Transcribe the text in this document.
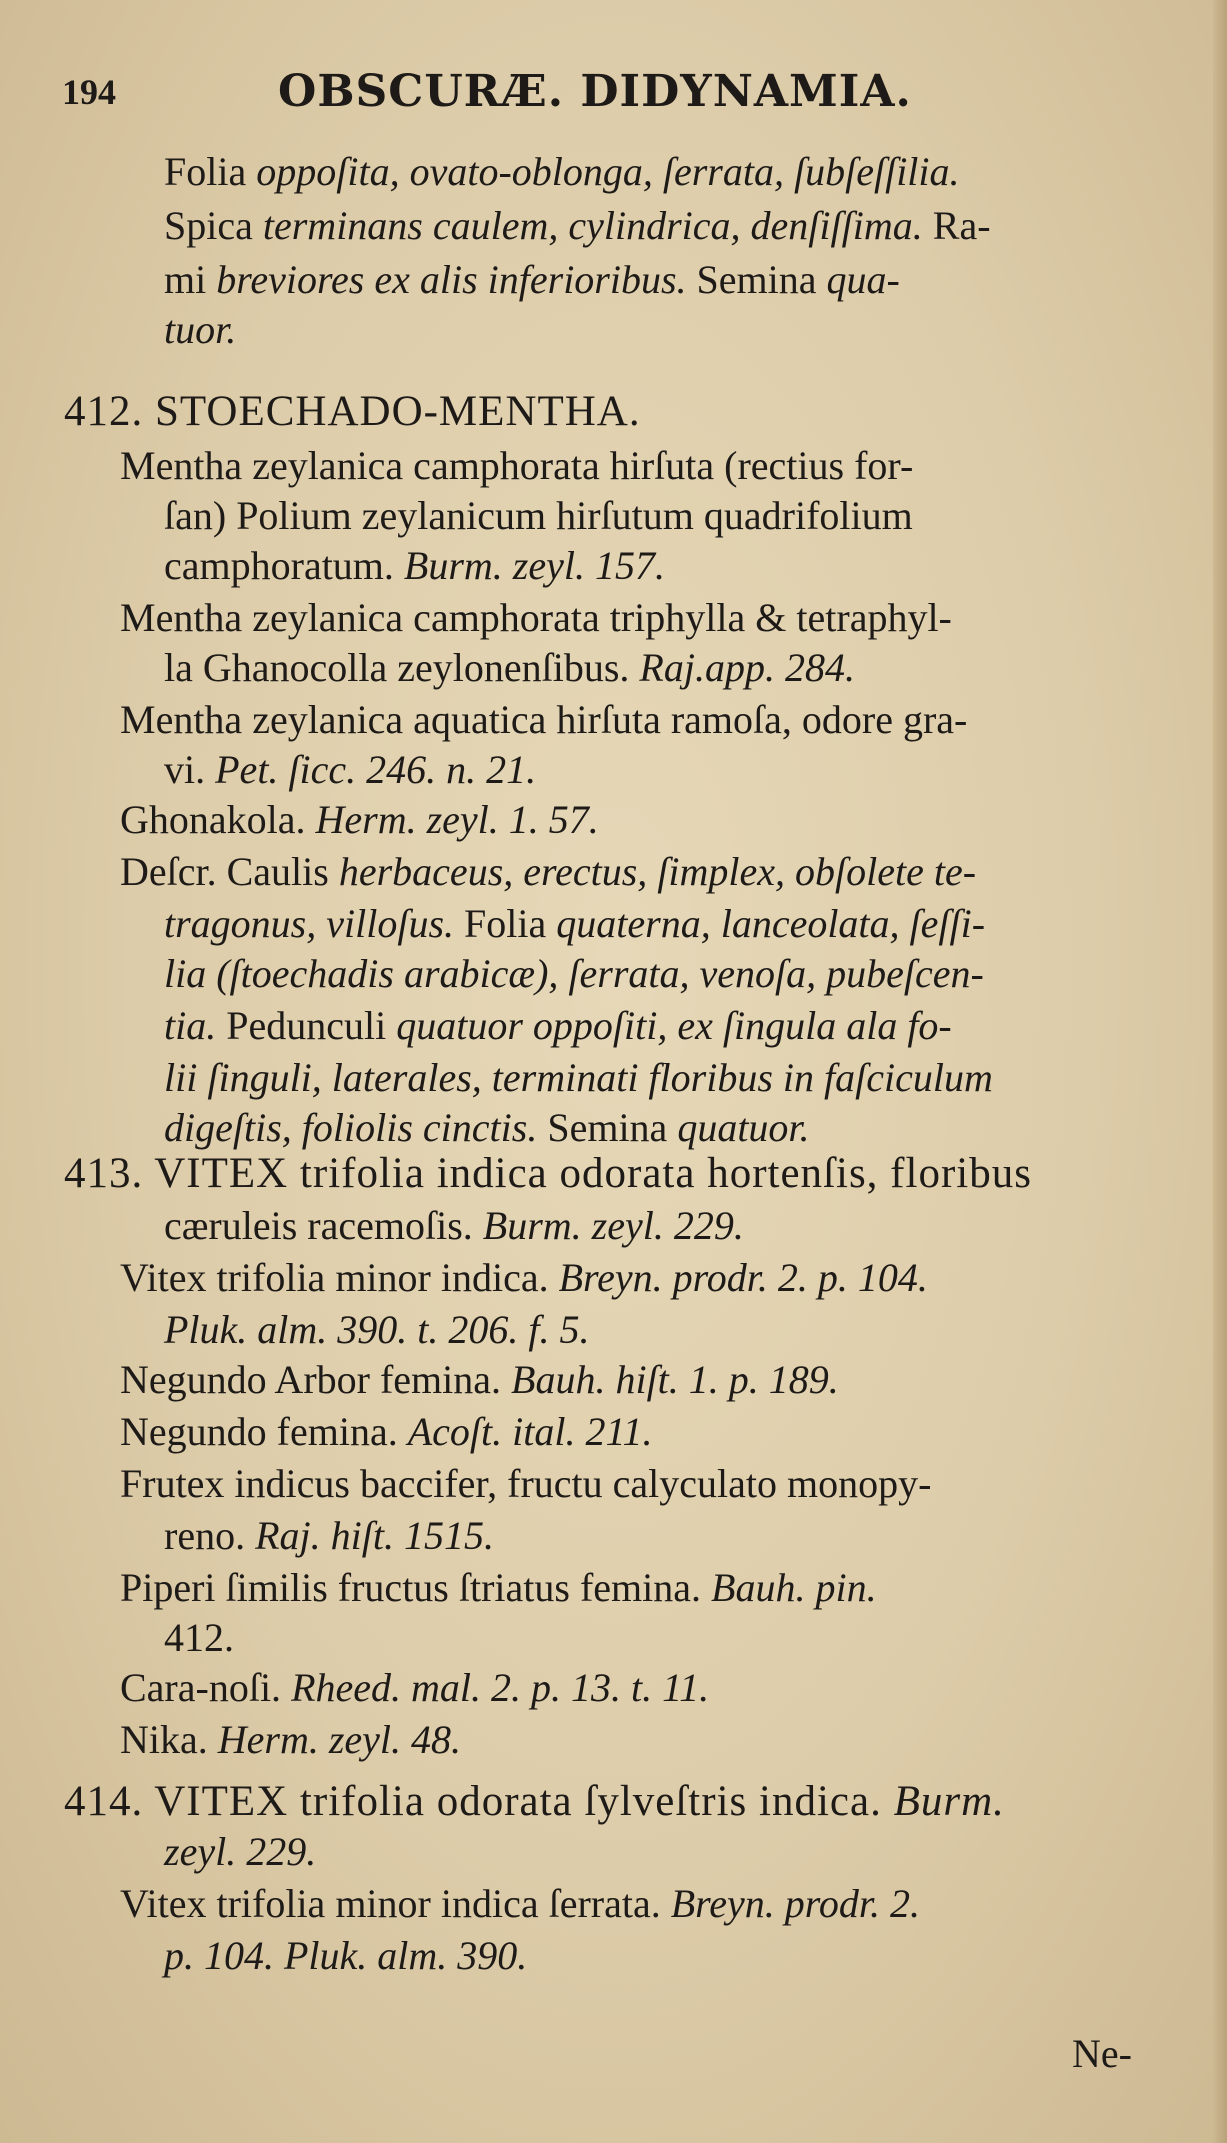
194	OBSCURÆ. DIDYNAMIA.
Folia oppoſita, ovato-oblonga, ſerrata, ſubſeſſilia.
Spica terminans caulem, cylindrica, denſiſſima. Ra-
mi breviores ex alis inferioribus. Semina qua-
tuor.
412. STOECHADO-MENTHA.
Mentha zeylanica camphorata hirſuta (rectius for-
ſan) Polium zeylanicum hirſutum quadrifolium
camphoratum. Burm. zeyl. 157.
Mentha zeylanica camphorata triphylla & tetraphyl-
la Ghanocolla zeylonenſibus. Raj.app. 284.
Mentha zeylanica aquatica hirſuta ramoſa, odore gra-
vi. Pet. ſicc. 246. n. 21.
Ghonakola. Herm. zeyl. 1. 57.
Deſcr. Caulis herbaceus, erectus, ſimplex, obſolete te-
tragonus, villoſus. Folia quaterna, lanceolata, ſeſſi-
lia (ſtoechadis arabicæ), ſerrata, venoſa, pubeſcen-
tia. Pedunculi quatuor oppoſiti, ex ſingula ala fo-
lii ſinguli, laterales, terminati floribus in faſciculum
digeſtis, foliolis cinctis. Semina quatuor.
413. VITEX trifolia indica odorata hortenſis, floribus
cæruleis racemoſis. Burm. zeyl. 229.
Vitex trifolia minor indica. Breyn. prodr. 2. p. 104.
Pluk. alm. 390. t. 206. f. 5.
Negundo Arbor femina. Bauh. hiſt. 1. p. 189.
Negundo femina. Acoſt. ital. 211.
Frutex indicus baccifer, fructu calyculato monopy-
reno. Raj. hiſt. 1515.
Piperi ſimilis fructus ſtriatus femina. Bauh. pin.
412.
Cara-noſi. Rheed. mal. 2. p. 13. t. 11.
Nika. Herm. zeyl. 48.
414. VITEX trifolia odorata ſylveſtris indica. Burm.
zeyl. 229.
Vitex trifolia minor indica ſerrata. Breyn. prodr. 2.
p. 104. Pluk. alm. 390.
Ne-
